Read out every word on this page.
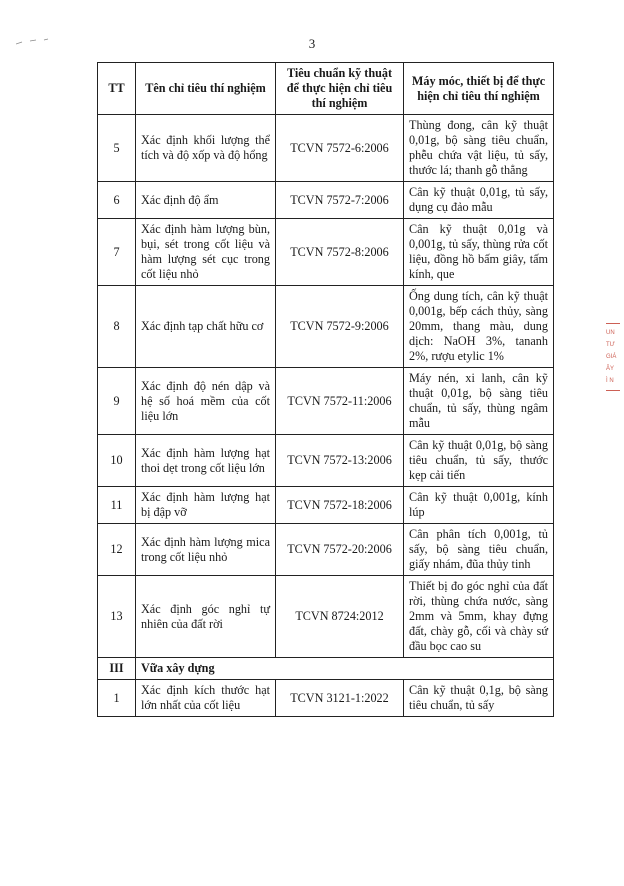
3
TT	Tên chỉ tiêu thí nghiệm	Tiêu chuẩn kỹ thuật để thực hiện chỉ tiêu thí nghiệm	Máy móc, thiết bị để thực hiện chỉ tiêu thí nghiệm
5	Xác định khối lượng thể tích và độ xốp và độ hổng	TCVN 7572-6:2006	Thùng đong, cân kỹ thuật 0,01g, bộ sàng tiêu chuẩn, phễu chứa vật liệu, tủ sấy, thước lá; thanh gỗ thẳng
6	Xác định độ ẩm	TCVN 7572-7:2006	Cân kỹ thuật 0,01g, tủ sấy, dụng cụ đảo mẫu
7	Xác định hàm lượng bùn, bụi, sét trong cốt liệu và hàm lượng sét cục trong cốt liệu nhỏ	TCVN 7572-8:2006	Cân kỹ thuật 0,01g và 0,001g, tủ sấy, thùng rửa cốt liệu, đồng hồ bấm giây, tấm kính, que
8	Xác định tạp chất hữu cơ	TCVN 7572-9:2006	Ống dung tích, cân kỹ thuật 0,001g, bếp cách thủy, sàng 20mm, thang màu, dung dịch: NaOH 3%, tananh 2%, rượu etylic 1%
9	Xác định độ nén dập và hệ số hoá mềm của cốt liệu lớn	TCVN 7572-11:2006	Máy nén, xi lanh, cân kỹ thuật 0,01g, bộ sàng tiêu chuẩn, tủ sấy, thùng ngâm mẫu
10	Xác định hàm lượng hạt thoi dẹt trong cốt liệu lớn	TCVN 7572-13:2006	Cân kỹ thuật 0,01g, bộ sàng tiêu chuẩn, tủ sấy, thước kẹp cải tiến
11	Xác định hàm lượng hạt bị đập vỡ	TCVN 7572-18:2006	Cân kỹ thuật 0,001g, kính lúp
12	Xác định hàm lượng mica trong cốt liệu nhỏ	TCVN 7572-20:2006	Cân phân tích 0,001g, tủ sấy, bộ sàng tiêu chuẩn, giấy nhám, đũa thủy tinh
13	Xác định góc nghỉ tự nhiên của đất rời	TCVN 8724:2012	Thiết bị đo góc nghỉ của đất rời, thùng chứa nước, sàng 2mm và 5mm, khay đựng đất, chày gỗ, cối và chày sứ đầu bọc cao su
III	Vữa xây dựng		
1	Xác định kích thước hạt lớn nhất của cốt liệu	TCVN 3121-1:2022	Cân kỹ thuật 0,1g, bộ sàng tiêu chuẩn, tủ sấy
UN
TƯ
GIÁ
ÂY
Ì N
